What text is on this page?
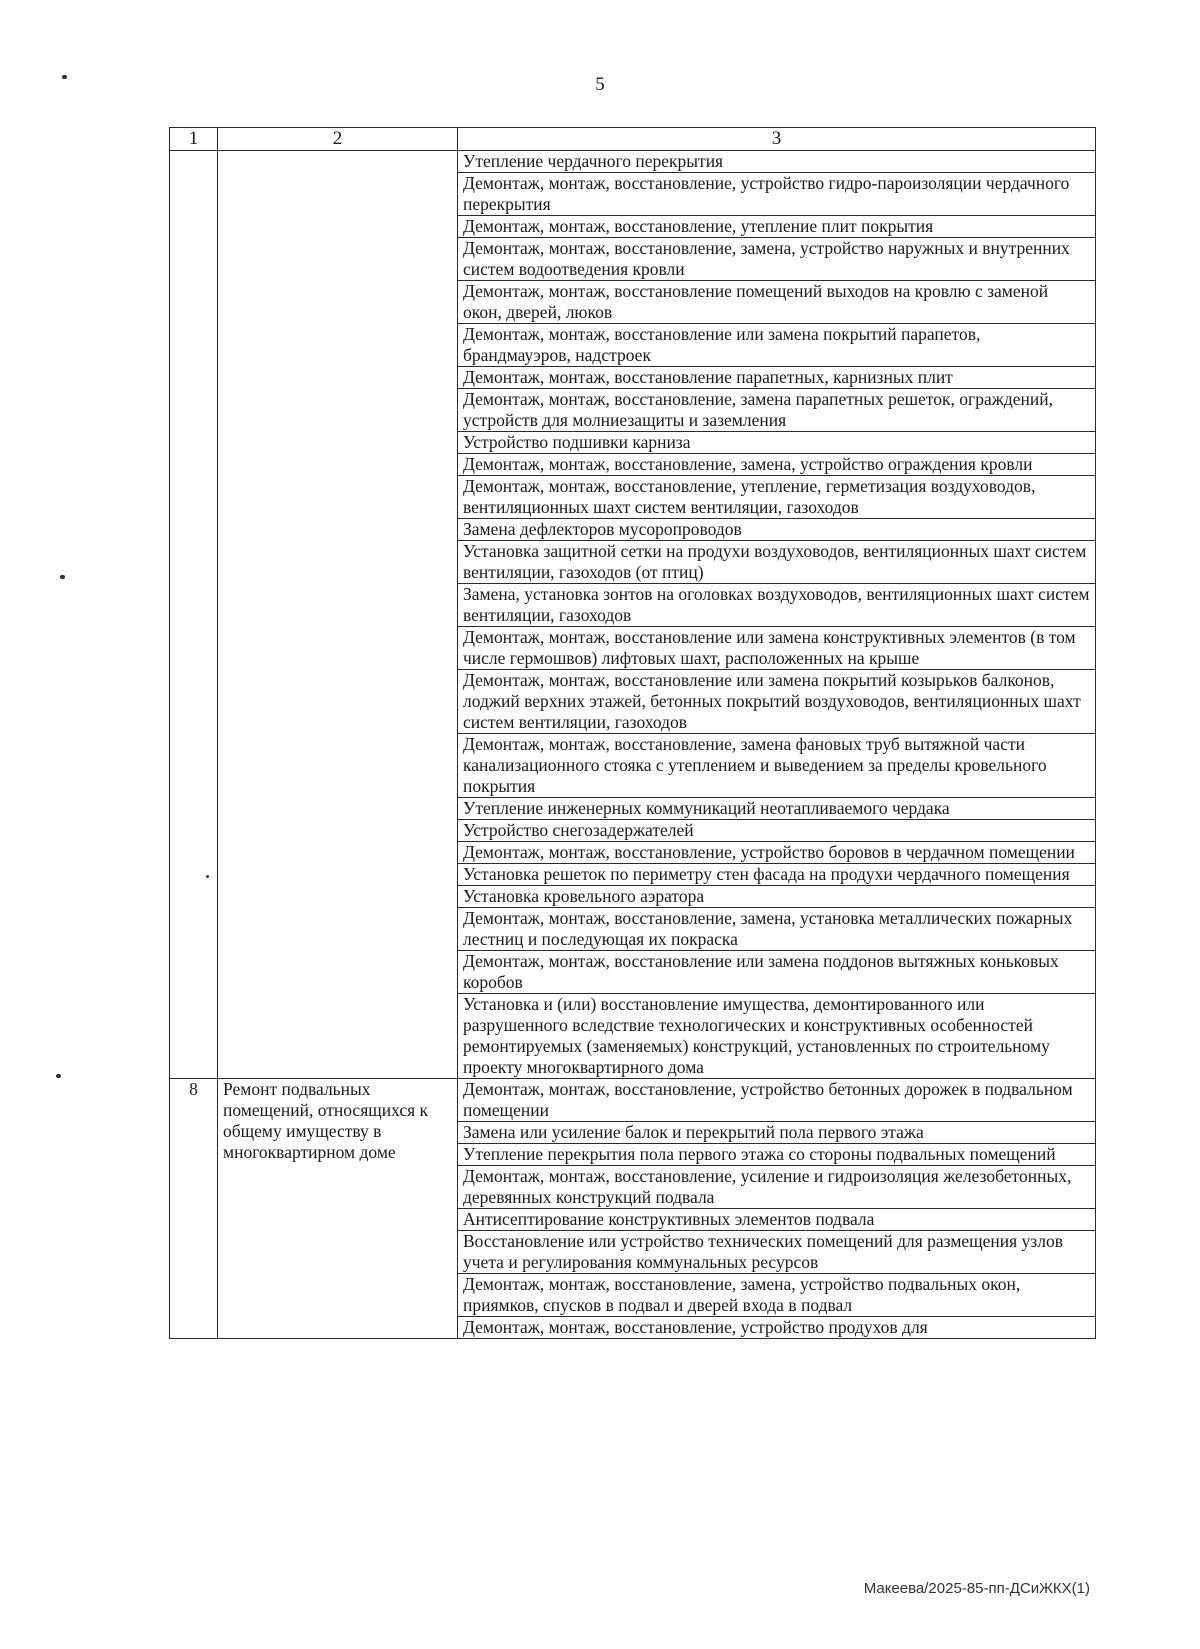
5
1	2	3
		Утепление чердачного перекрытия
		Демонтаж, монтаж, восстановление, устройство гидро-пароизоляции чердачного перекрытия
		Демонтаж, монтаж, восстановление, утепление плит покрытия
		Демонтаж, монтаж, восстановление, замена, устройство наружных и внутренних систем водоотведения кровли
		Демонтаж, монтаж, восстановление помещений выходов на кровлю с заменой окон, дверей, люков
		Демонтаж, монтаж, восстановление или замена покрытий парапетов, брандмауэров, надстроек
		Демонтаж, монтаж, восстановление парапетных, карнизных плит
		Демонтаж, монтаж, восстановление, замена парапетных решеток, ограждений, устройств для молниезащиты и заземления
		Устройство подшивки карниза
		Демонтаж, монтаж, восстановление, замена, устройство ограждения кровли
		Демонтаж, монтаж, восстановление, утепление, герметизация воздуховодов, вентиляционных шахт систем вентиляции, газоходов
		Замена дефлекторов мусоропроводов
		Установка защитной сетки на продухи воздуховодов, вентиляционных шахт систем вентиляции, газоходов (от птиц)
		Замена, установка зонтов на оголовках воздуховодов, вентиляционных шахт систем вентиляции, газоходов
		Демонтаж, монтаж, восстановление или замена конструктивных элементов (в том числе гермошвов) лифтовых шахт, расположенных на крыше
		Демонтаж, монтаж, восстановление или замена покрытий козырьков балконов, лоджий верхних этажей, бетонных покрытий воздуховодов, вентиляционных шахт систем вентиляции, газоходов
		Демонтаж, монтаж, восстановление, замена фановых труб вытяжной части канализационного стояка с утеплением и выведением за пределы кровельного покрытия
		Утепление инженерных коммуникаций неотапливаемого чердака
		Устройство снегозадержателей
		Демонтаж, монтаж, восстановление, устройство боровов в чердачном помещении
		Установка решеток по периметру стен фасада на продухи чердачного помещения
		Установка кровельного аэратора
		Демонтаж, монтаж, восстановление, замена, установка металлических пожарных лестниц и последующая их покраска
		Демонтаж, монтаж, восстановление или замена поддонов вытяжных коньковых коробов
		Установка и (или) восстановление имущества, демонтированного или разрушенного вследствие технологических и конструктивных особенностей ремонтируемых (заменяемых) конструкций, установленных по строительному проекту многоквартирного дома
8	Ремонт подвальных помещений, относящихся к общему имуществу в многоквартирном доме	Демонтаж, монтаж, восстановление, устройство бетонных дорожек в подвальном помещении
		Замена или усиление балок и перекрытий пола первого этажа
		Утепление перекрытия пола первого этажа со стороны подвальных помещений
		Демонтаж, монтаж, восстановление, усиление и гидроизоляция железобетонных, деревянных конструкций подвала
		Антисептирование конструктивных элементов подвала
		Восстановление или устройство технических помещений для размещения узлов учета и регулирования коммунальных ресурсов
		Демонтаж, монтаж, восстановление, замена, устройство подвальных окон, приямков, спусков в подвал и дверей входа в подвал
		Демонтаж, монтаж, восстановление, устройство продухов для
Макеева/2025-85-пп-ДСиЖКХ(1)
